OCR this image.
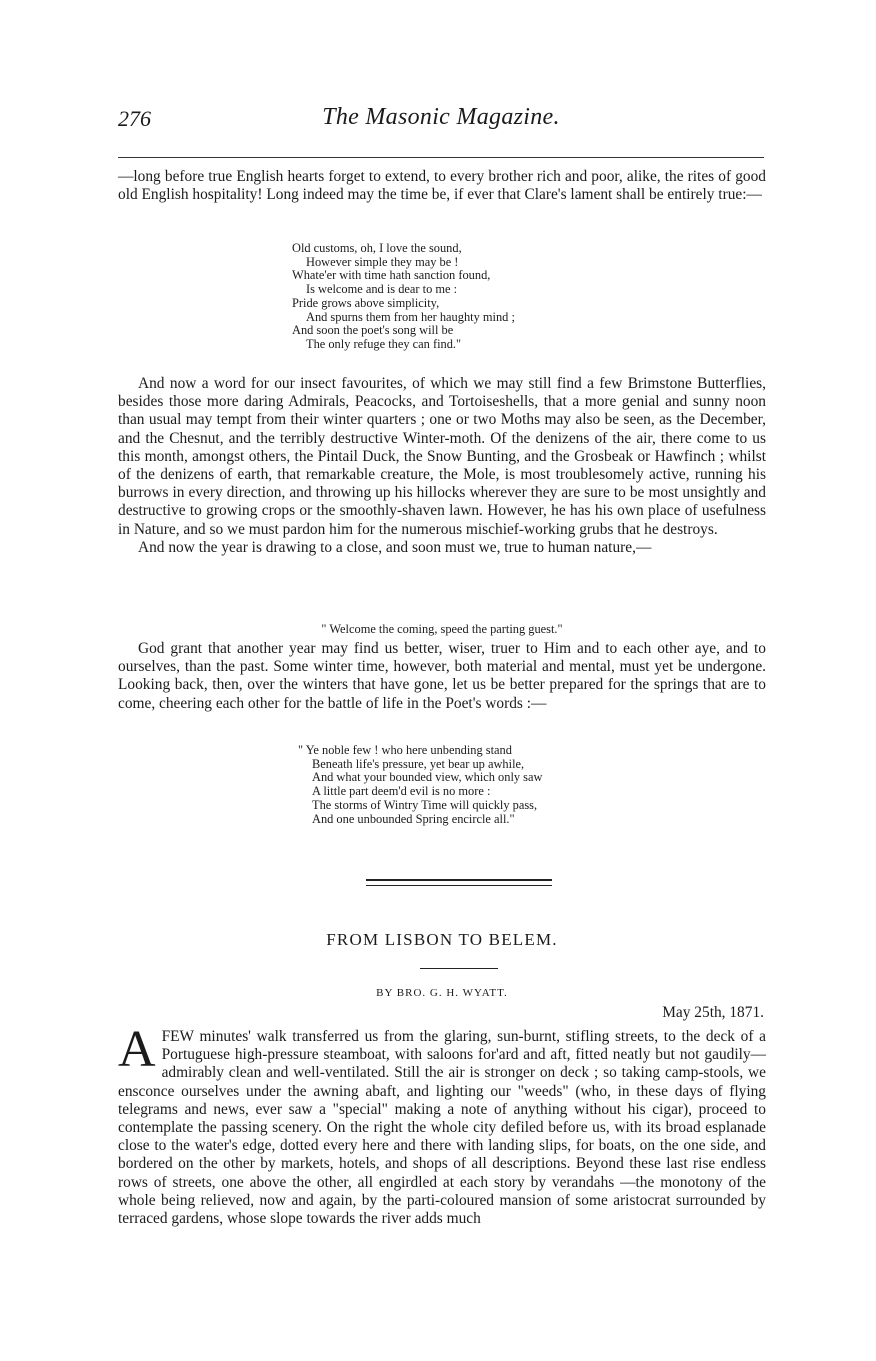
276	The Masonic Magazine.

—long before true English hearts forget to extend, to every brother rich and poor, alike, the rites of good old English hospitality! Long indeed may the time be, if ever that Clare's lament shall be entirely true:—

Old customs, oh, I love the sound,
However simple they may be !
Whate'er with time hath sanction found,
Is welcome and is dear to me :
Pride grows above simplicity,
And spurns them from her haughty mind ;
And soon the poet's song will be
The only refuge they can find."

And now a word for our insect favourites, of which we may still find a few Brimstone Butterflies, besides those more daring Admirals, Peacocks, and Tortoiseshells, that a more genial and sunny noon than usual may tempt from their winter quarters ; one or two Moths may also be seen, as the December, and the Chesnut, and the terribly destructive Winter-moth. Of the denizens of the air, there come to us this month, amongst others, the Pintail Duck, the Snow Bunting, and the Grosbeak or Hawfinch ; whilst of the denizens of earth, that remarkable creature, the Mole, is most troublesomely active, running his burrows in every direction, and throwing up his hillocks wherever they are sure to be most unsightly and destructive to growing crops or the smoothly-shaven lawn. However, he has his own place of usefulness in Nature, and so we must pardon him for the numerous mischief-working grubs that he destroys.

And now the year is drawing to a close, and soon must we, true to human nature,—

" Welcome the coming, speed the parting guest."

God grant that another year may find us better, wiser, truer to Him and to each other aye, and to ourselves, than the past. Some winter time, however, both material and mental, must yet be undergone. Looking back, then, over the winters that have gone, let us be better prepared for the springs that are to come, cheering each other for the battle of life in the Poet's words :—

" Ye noble few ! who here unbending stand
Beneath life's pressure, yet bear up awhile,
And what your bounded view, which only saw
A little part deem'd evil is no more :
The storms of Wintry Time will quickly pass,
And one unbounded Spring encircle all."
FROM LISBON TO BELEM.
BY BRO. G. H. WYATT.
May 25th, 1871.
A FEW minutes' walk transferred us from the glaring, sun-burnt, stifling streets, to the deck of a Portuguese high-pressure steamboat, with saloons for'ard and aft, fitted neatly but not gaudily—admirably clean and well-ventilated. Still the air is stronger on deck ; so taking camp-stools, we ensconce ourselves under the awning abaft, and lighting our "weeds" (who, in these days of flying telegrams and news, ever saw a "special" making a note of anything without his cigar), proceed to contemplate the passing scenery. On the right the whole city defiled before us, with its broad esplanade close to the water's edge, dotted every here and there with landing slips, for boats, on the one side, and bordered on the other by markets, hotels, and shops of all descriptions. Beyond these last rise endless rows of streets, one above the other, all engirdled at each story by verandahs —the monotony of the whole being relieved, now and again, by the parti-coloured mansion of some aristocrat surrounded by terraced gardens, whose slope towards the river adds much
